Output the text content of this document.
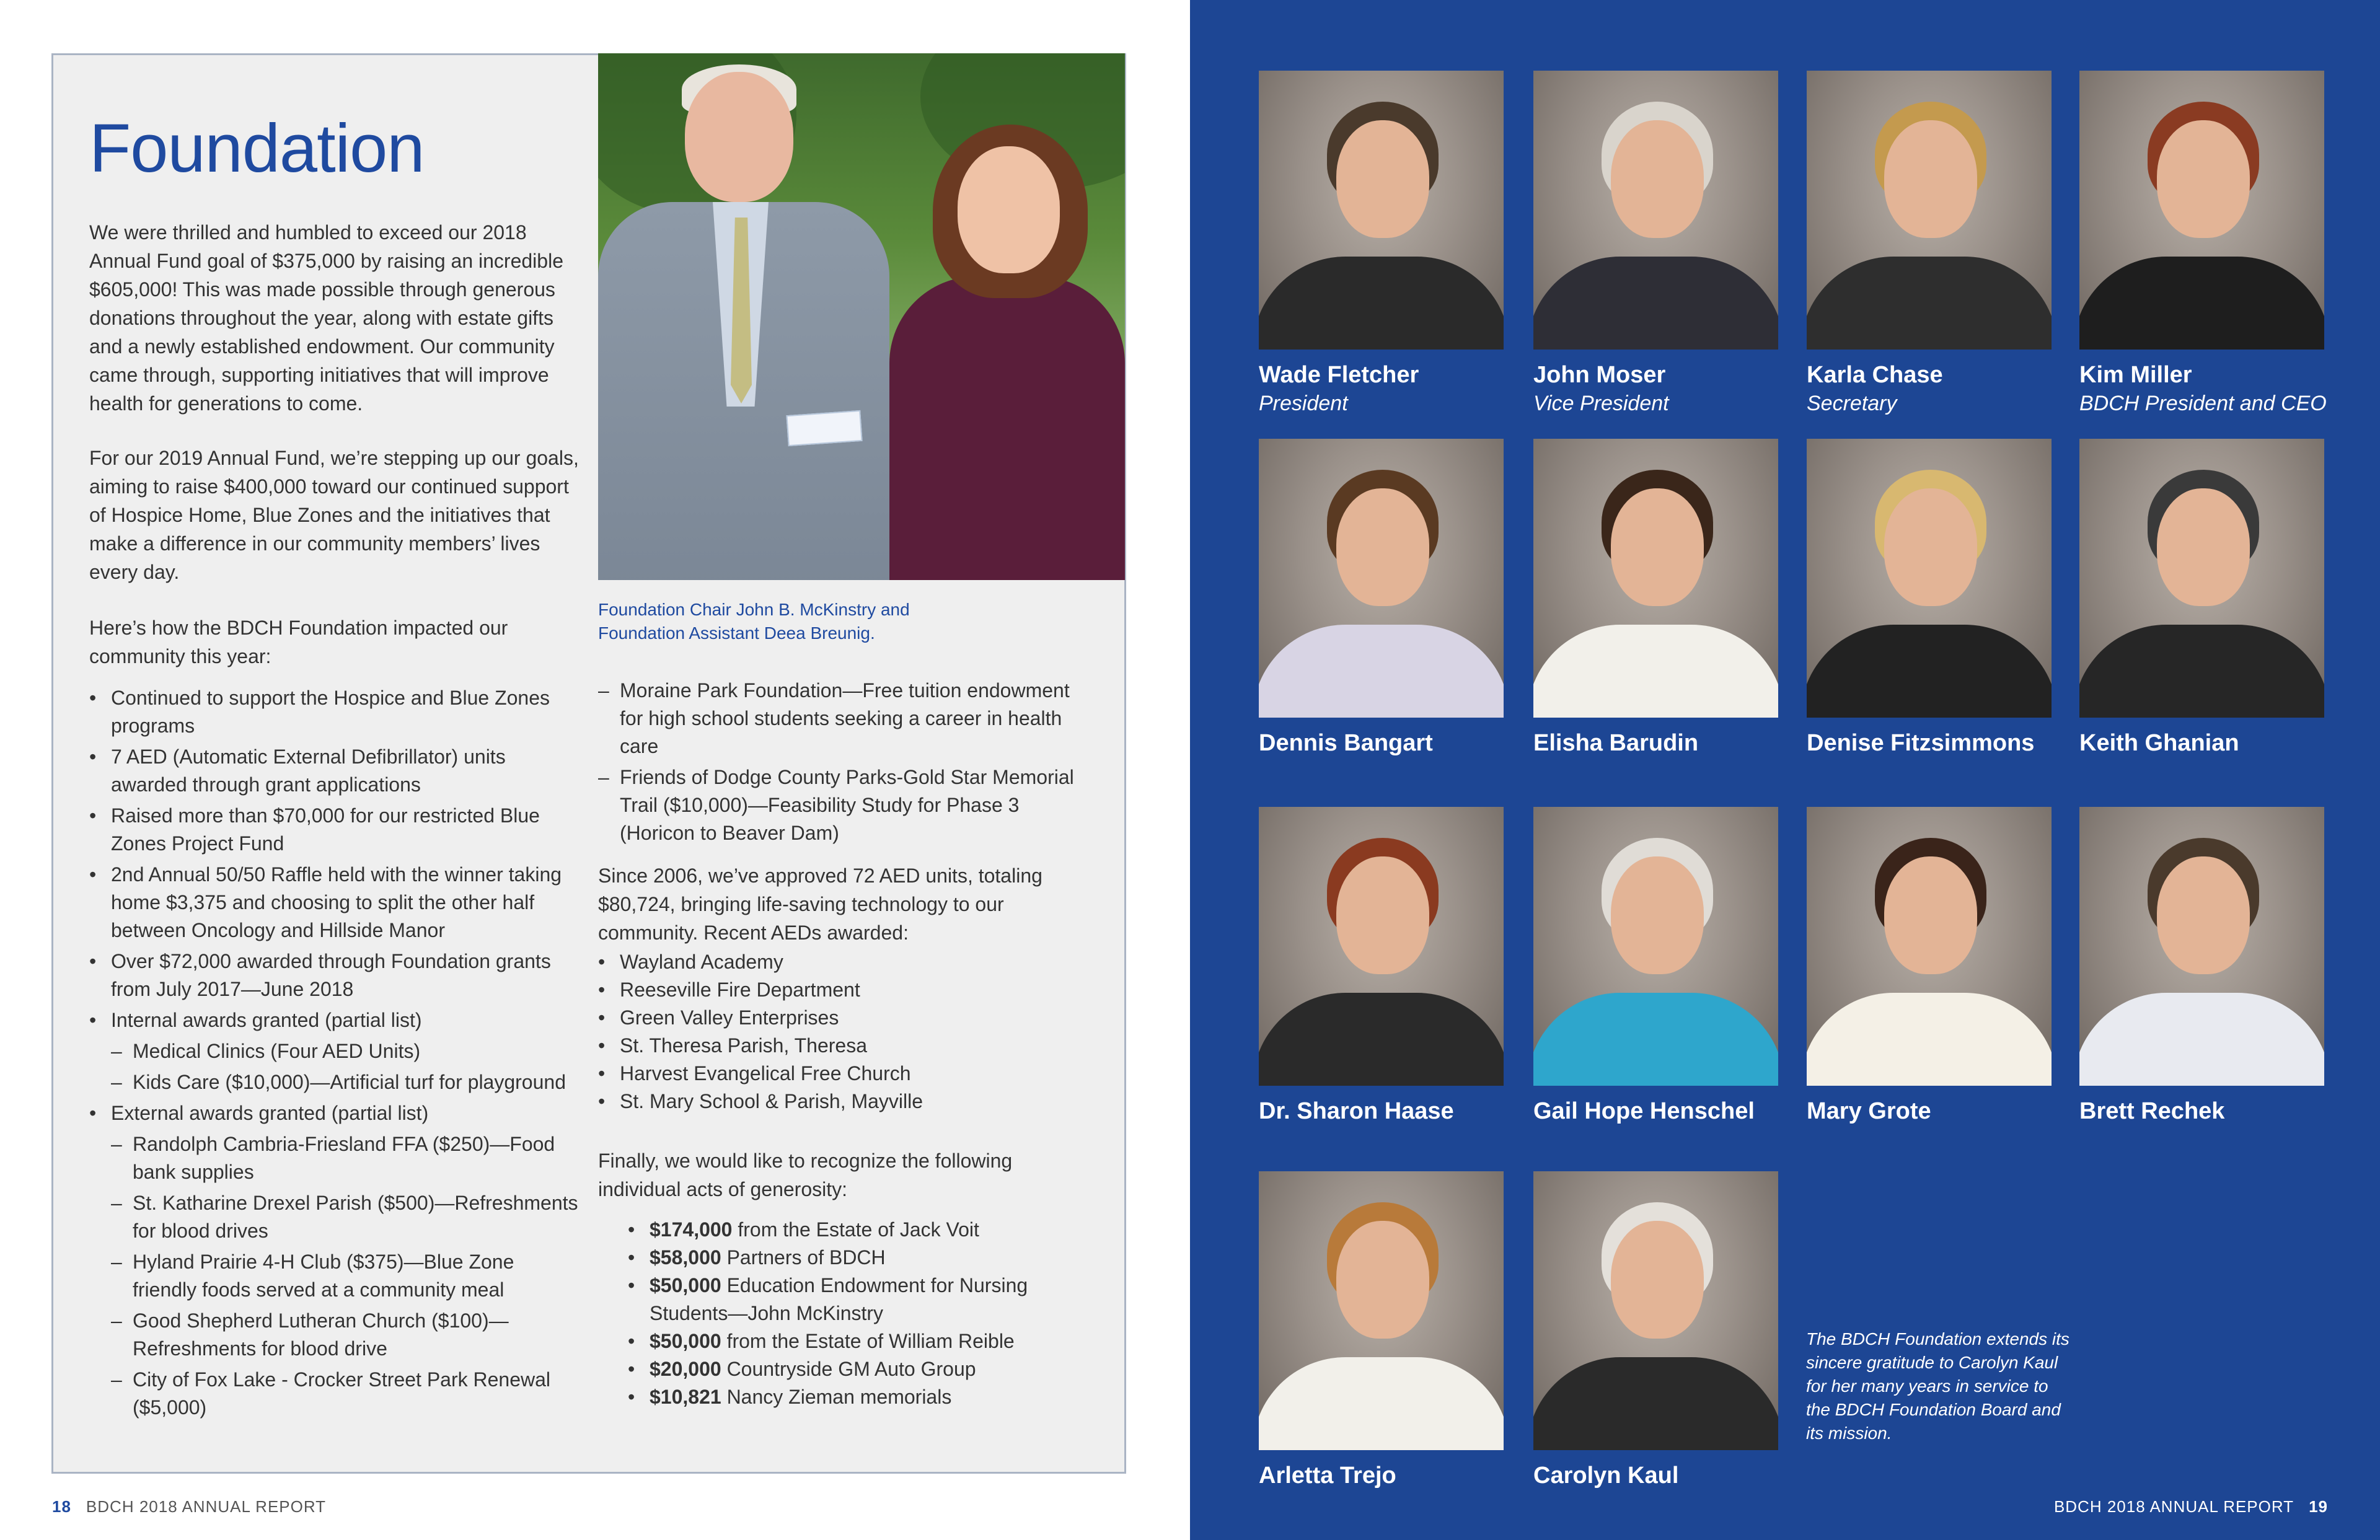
Foundation

We were thrilled and humbled to exceed our 2018 Annual Fund goal of $375,000 by raising an incredible $605,000! This was made possible through generous donations throughout the year, along with estate gifts and a newly established endowment. Our community came through, supporting initiatives that will improve health for generations to come.

For our 2019 Annual Fund, we’re stepping up our goals, aiming to raise $400,000 toward our continued support of Hospice Home, Blue Zones and the initiatives that make a difference in our community members’ lives every day.

Here’s how the BDCH Foundation impacted our community this year:

Foundation Chair John B. McKinstry and Foundation Assistant Deea Breunig.

• Continued to support the Hospice and Blue Zones programs
• 7 AED (Automatic External Defibrillator) units awarded through grant applications
• Raised more than $70,000 for our restricted Blue Zones Project Fund
• 2nd Annual 50/50 Raffle held with the winner taking home $3,375 and choosing to split the other half between Oncology and Hillside Manor
• Over $72,000 awarded through Foundation grants from July 2017—June 2018
• Internal awards granted (partial list)
– Medical Clinics (Four AED Units)
– Kids Care ($10,000)—Artificial turf for playground
• External awards granted (partial list)
– Randolph Cambria-Friesland FFA ($250)—Food bank supplies
– St. Katharine Drexel Parish ($500)—Refreshments for blood drives
– Hyland Prairie 4-H Club ($375)—Blue Zone friendly foods served at a community meal
– Good Shepherd Lutheran Church ($100)—Refreshments for blood drive
– City of Fox Lake - Crocker Street Park Renewal ($5,000)
– Moraine Park Foundation—Free tuition endowment for high school students seeking a career in health care
– Friends of Dodge County Parks-Gold Star Memorial Trail ($10,000)—Feasibility Study for Phase 3 (Horicon to Beaver Dam)

Since 2006, we’ve approved 72 AED units, totaling $80,724, bringing life-saving technology to our community. Recent AEDs awarded:

• Wayland Academy
• Reeseville Fire Department
• Green Valley Enterprises
• St. Theresa Parish, Theresa
• Harvest Evangelical Free Church
• St. Mary School & Parish, Mayville

Finally, we would like to recognize the following individual acts of generosity:

• $174,000 from the Estate of Jack Voit
• $58,000 Partners of BDCH
• $50,000 Education Endowment for Nursing Students—John McKinstry
• $50,000 from the Estate of William Reible
• $20,000 Countryside GM Auto Group
• $10,821 Nancy Zieman memorials
18 BDCH 2018 ANNUAL REPORT
Wade Fletcher
President
John Moser
Vice President
Karla Chase
Secretary
Kim Miller
BDCH President and CEO
Dennis Bangart	Elisha Barudin	Denise Fitzsimmons Keith Ghanian
Dr. Sharon Haase	Gail Hope Henschel Mary Grote	Brett Rechek
Arletta Trejo	Carolyn Kaul

The BDCH Foundation extends its sincere gratitude to Carolyn Kaul for her many years in service to the BDCH Foundation Board and its mission.

BDCH 2018 ANNUAL REPORT 19
